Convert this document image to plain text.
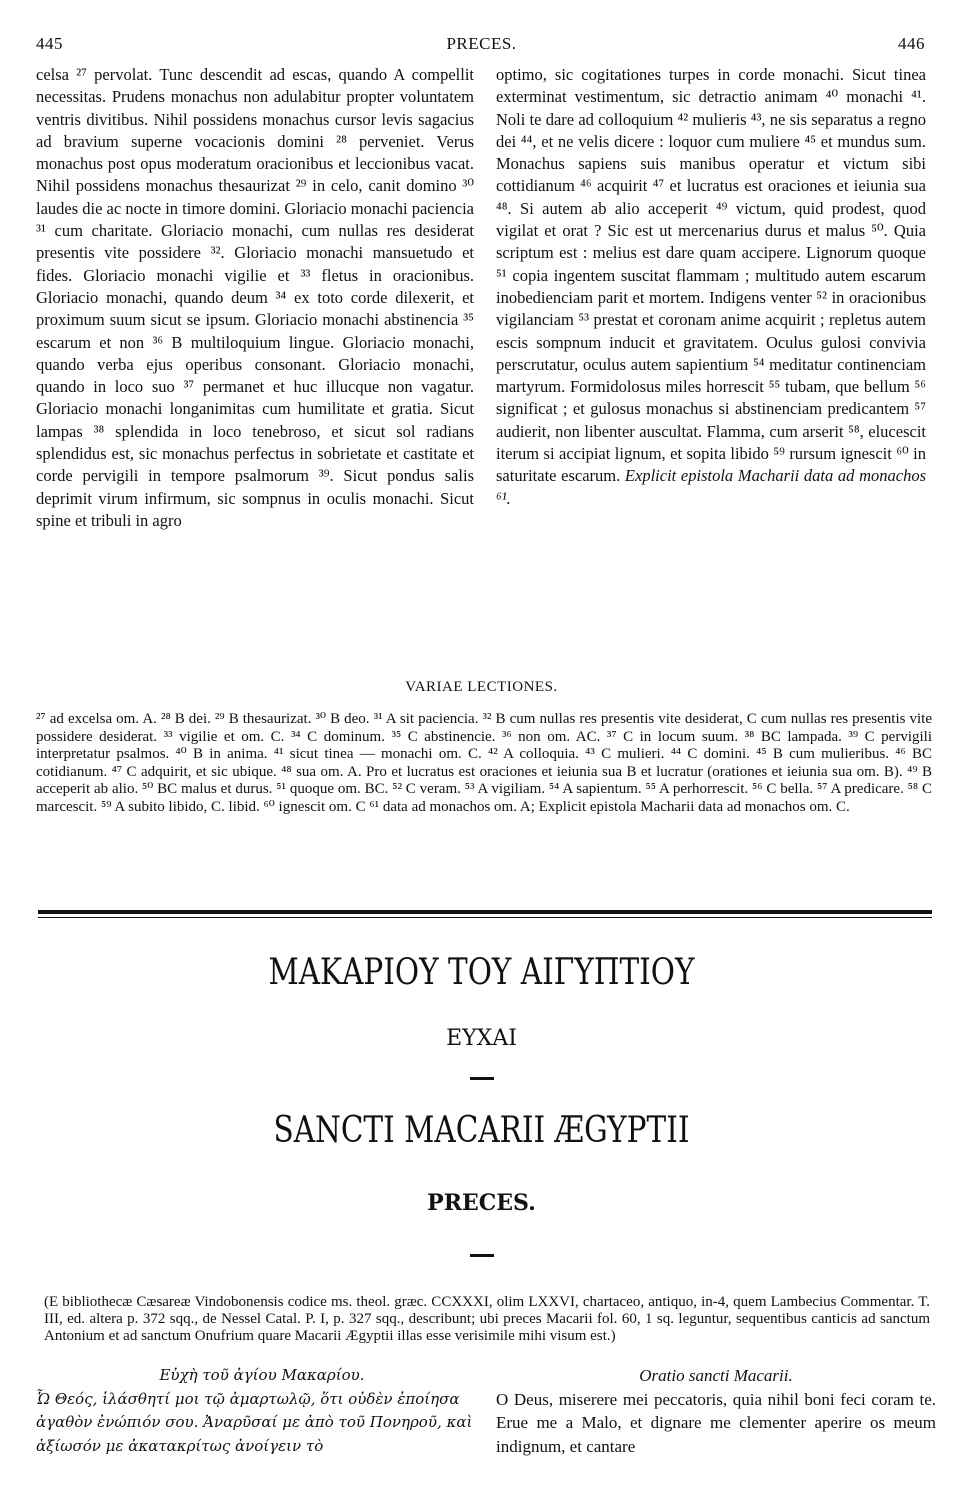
445	PRECES.	446

celsa ²⁷ pervolat. Tunc descendit ad escas, quando A compellit necessitas. Prudens monachus non adulabitur propter voluntatem ventris divitibus. Nihil possidens monachus cursor levis sagacius ad bravium superne vocacionis domini ²⁸ perveniet. Verus monachus post opus moderatum oracionibus et leccionibus vacat. Nihil possidens monachus thesaurizat ²⁹ in celo, canit domino ³⁰ laudes die ac nocte in timore domini. Gloriacio monachi paciencia ³¹ cum charitate. Gloriacio monachi, cum nullas res desiderat presentis vite possidere ³². Gloriacio monachi mansuetudo et fides. Gloriacio monachi vigilie et ³³ fletus in oracionibus. Gloriacio monachi, quando deum ³⁴ ex toto corde dilexerit, et proximum suum sicut se ipsum. Gloriacio monachi abstinencia ³⁵ escarum et non ³⁶ B multiloquium lingue. Gloriacio monachi, quando verba ejus operibus consonant. Gloriacio monachi, quando in loco suo ³⁷ permanet et huc illucque non vagatur. Gloriacio monachi longanimitas cum humilitate et gratia. Sicut lampas ³⁸ splendida in loco tenebroso, et sicut sol radians splendidus est, sic monachus perfectus in sobrietate et castitate et corde pervigili in tempore psalmorum ³⁹. Sicut pondus salis deprimit virum infirmum, sic sompnus in oculis monachi. Sicut spine et tribuli in agro

optimo, sic cogitationes turpes in corde monachi. Sicut tinea exterminat vestimentum, sic detractio animam ⁴⁰ monachi ⁴¹. Noli te dare ad colloquium ⁴² mulieris ⁴³, ne sis separatus a regno dei ⁴⁴, et ne velis dicere : loquor cum muliere ⁴⁵ et mundus sum. Monachus sapiens suis manibus operatur et victum sibi cottidianum ⁴⁶ acquirit ⁴⁷ et lucratus est oraciones et ieiunia sua ⁴⁸. Si autem ab alio acceperit ⁴⁹ victum, quid prodest, quod vigilat et orat ? Sic est ut mercenarius durus et malus ⁵⁰. Quia scriptum est : melius est dare quam accipere. Lignorum quoque ⁵¹ copia ingentem suscitat flammam ; multitudo autem escarum inobedienciam parit et mortem. Indigens venter ⁵² in oracionibus vigilanciam ⁵³ prestat et coronam anime acquirit ; repletus autem escis sompnum inducit et gravitatem. Oculus gulosi convivia perscrutatur, oculus autem sapientium ⁵⁴ meditatur continenciam martyrum. Formidolosus miles horrescit ⁵⁵ tubam, que bellum ⁵⁶ significat ; et gulosus monachus si abstinenciam predicantem ⁵⁷ audierit, non libenter auscultat. Flamma, cum arserit ⁵⁸, elucescit iterum si accipiat lignum, et sopita libido ⁵⁹ rursum ignescit ⁶⁰ in saturitate escarum. Explicit epistola Macharii data ad monachos ⁶¹.

VARIAE LECTIONES.
²⁷ ad excelsa om. A. ²⁸ B dei. ²⁹ B thesaurizat. ³⁰ B deo. ³¹ A sit paciencia. ³² B cum nullas res presentis vite desiderat, C cum nullas res presentis vite possidere desiderat. ³³ vigilie et om. C. ³⁴ C dominum. ³⁵ C abstinencie. ³⁶ non om. AC. ³⁷ C in locum suum. ³⁸ BC lampada. ³⁹ C pervigili interpretatur psalmos. ⁴⁰ B in anima. ⁴¹ sicut tinea — monachi om. C. ⁴² A colloquia. ⁴³ C mulieri. ⁴⁴ C domini. ⁴⁵ B cum mulieribus. ⁴⁶ BC cotidianum. ⁴⁷ C adquirit, et sic ubique. ⁴⁸ sua om. A. Pro et lucratus est oraciones et ieiunia sua B et lucratur (orationes et ieiunia sua om. B). ⁴⁹ B acceperit ab alio. ⁵⁰ BC malus et durus. ⁵¹ quoque om. BC. ⁵² C veram. ⁵³ A vigiliam. ⁵⁴ A sapientum. ⁵⁵ A perhorrescit. ⁵⁶ C bella. ⁵⁷ A predicare. ⁵⁸ C marcescit. ⁵⁹ A subito libido, C. libid. ⁶⁰ ignescit om. C ⁶¹ data ad monachos om. A; Explicit epistola Macharii data ad monachos om. C.
ΜΑΚΑΡΙΟΥ ΤΟΥ ΑΙΓΥΠΤΙΟΥ
ΕΥΧΑΙ
SANCTI MACARII ÆGYPTII
PRECES.
(E bibliothecæ Cæsareæ Vindobonensis codice ms. theol. græc. CCXXXI, olim LXXVI, chartaceo, antiquo, in-4, quem Lambecius Commentar. T. III, ed. altera p. 372 sqq., de Nessel Catal. P. I, p. 327 sqq., describunt; ubi preces Macarii fol. 60, 1 sq. leguntur, sequentibus canticis ad sanctum Antonium et ad sanctum Onufrium quare Macarii Ægyptii illas esse verisimile mihi visum est.)
Εὐχὴ τοῦ ἁγίου Μακαρίου.
Ὦ Θεός, ἱλάσθητί μοι τῷ ἁμαρτωλῷ, ὅτι οὐδὲν ἐποίησα ἀγαθὸν ἐνώπιόν σου. Ἀναρῦσαί με ἀπὸ τοῦ Πονηροῦ, καὶ ἀξίωσόν με ἀκατακρίτως ἀνοίγειν τὸ
Oratio sancti Macarii.
O Deus, miserere mei peccatoris, quia nihil boni feci coram te. Erue me a Malo, et dignare me clementer aperire os meum indignum, et cantare
